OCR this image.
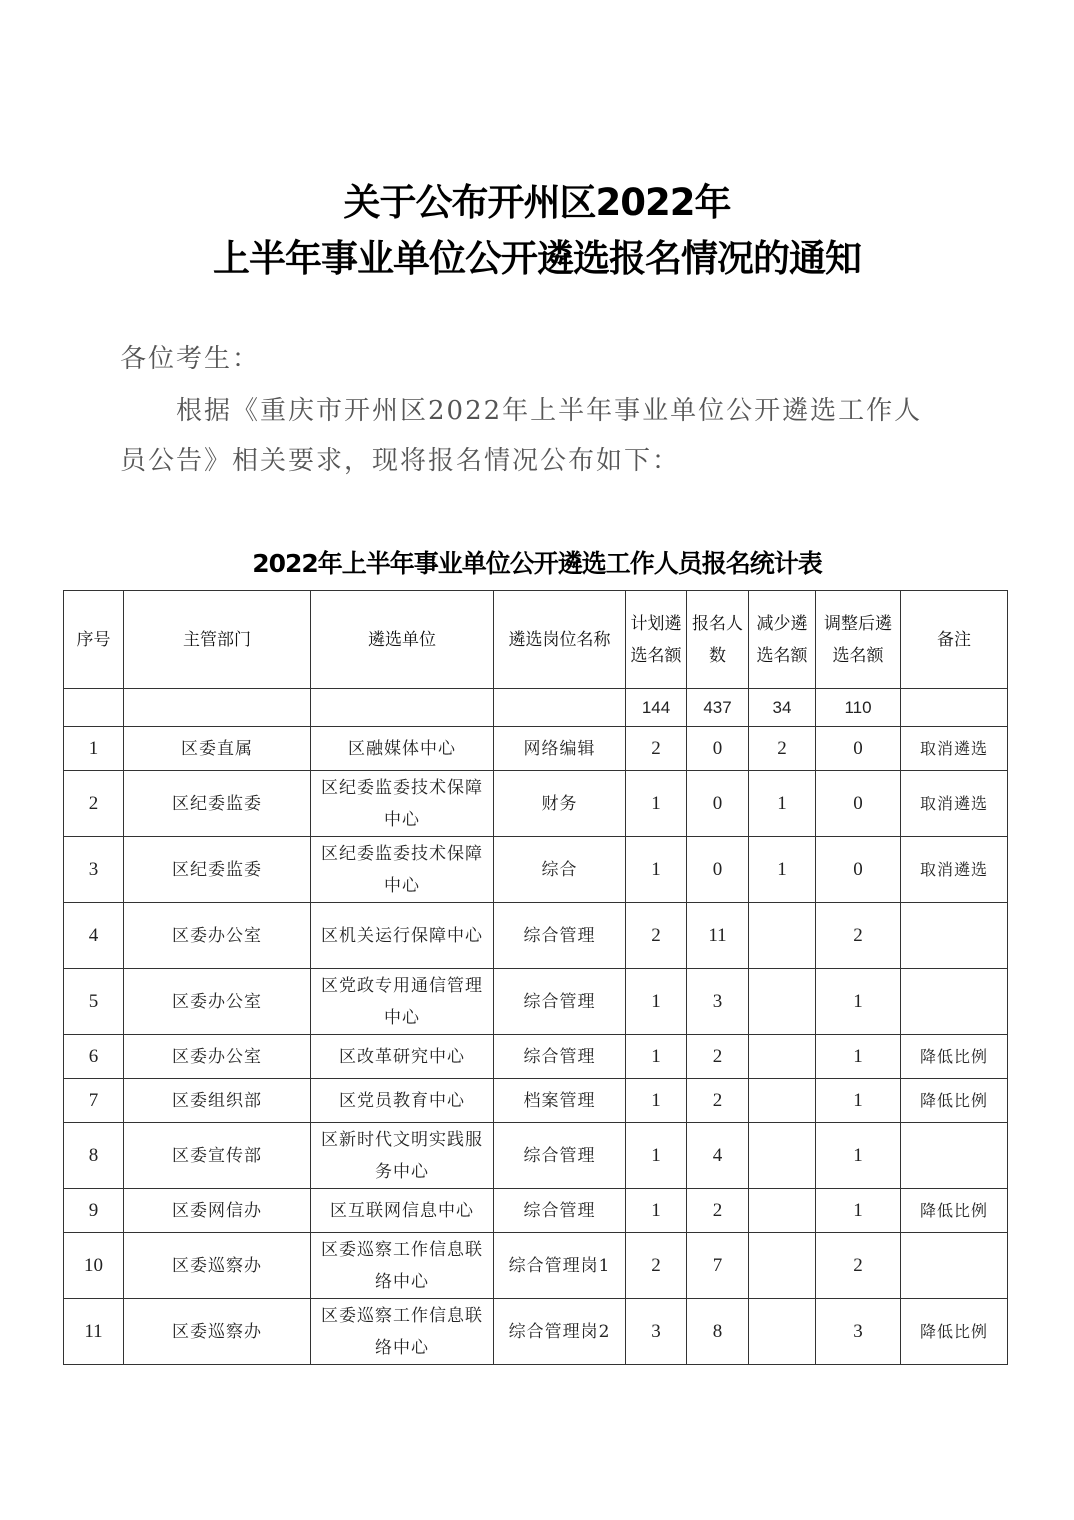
关于公布开州区2022年
上半年事业单位公开遴选报名情况的通知
各位考生：
根据《重庆市开州区2022年上半年事业单位公开遴选工作人
员公告》相关要求，现将报名情况公布如下：
2022年上半年事业单位公开遴选工作人员报名统计表
序号	主管部门	遴选单位	遴选岗位名称	计划遴选名额	报名人数	减少遴选名额	调整后遴选名额	备注
				144	437	34	110	
1	区委直属	区融媒体中心	网络编辑	2	0	2	0	取消遴选
2	区纪委监委	区纪委监委技术保障中心	财务	1	0	1	0	取消遴选
3	区纪委监委	区纪委监委技术保障中心	综合	1	0	1	0	取消遴选
4	区委办公室	区机关运行保障中心	综合管理	2	11		2	
5	区委办公室	区党政专用通信管理中心	综合管理	1	3		1	
6	区委办公室	区改革研究中心	综合管理	1	2		1	降低比例
7	区委组织部	区党员教育中心	档案管理	1	2		1	降低比例
8	区委宣传部	区新时代文明实践服务中心	综合管理	1	4		1	
9	区委网信办	区互联网信息中心	综合管理	1	2		1	降低比例
10	区委巡察办	区委巡察工作信息联络中心	综合管理岗1	2	7		2	
11	区委巡察办	区委巡察工作信息联络中心	综合管理岗2	3	8		3	降低比例
